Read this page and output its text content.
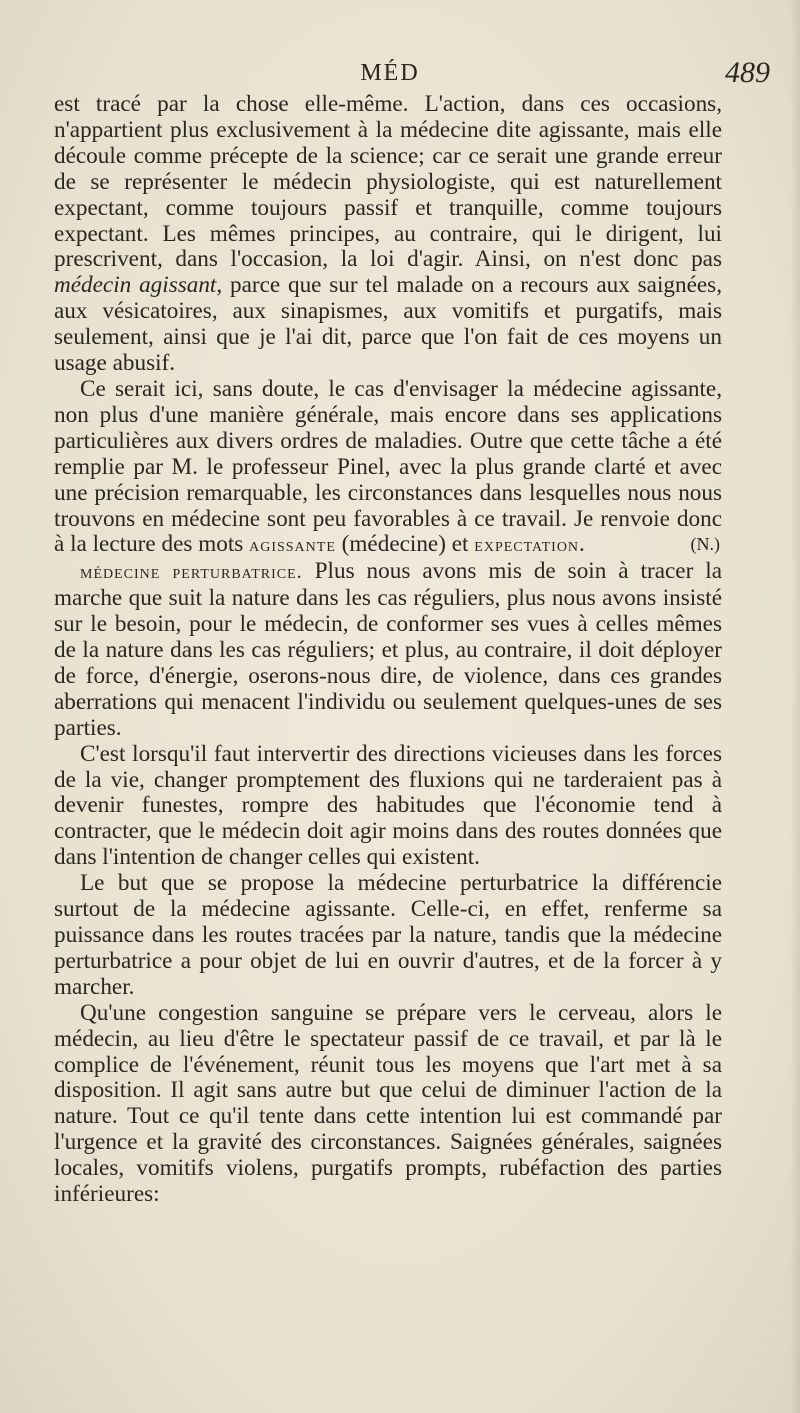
MÉD	489

est tracé par la chose elle-même. L'action, dans ces occasions, n'appartient plus exclusivement à la médecine dite agissante, mais elle découle comme précepte de la science; car ce serait une grande erreur de se représenter le médecin physiologiste, qui est naturellement expectant, comme toujours passif et tranquille, comme toujours expectant. Les mêmes principes, au contraire, qui le dirigent, lui prescrivent, dans l'occasion, la loi d'agir. Ainsi, on n'est donc pas médecin agissant, parce que sur tel malade on a recours aux saignées, aux vésicatoires, aux sinapismes, aux vomitifs et purgatifs, mais seulement, ainsi que je l'ai dit, parce que l'on fait de ces moyens un usage abusif.

Ce serait ici, sans doute, le cas d'envisager la médecine agissante, non plus d'une manière générale, mais encore dans ses applications particulières aux divers ordres de maladies. Outre que cette tâche a été remplie par M. le professeur Pinel, avec la plus grande clarté et avec une précision remarquable, les circonstances dans lesquelles nous nous trouvons en médecine sont peu favorables à ce travail. Je renvoie donc à la lecture des mots agissante (médecine) et expectation.	(N.)

médecine perturbatrice. Plus nous avons mis de soin à tracer la marche que suit la nature dans les cas réguliers, plus nous avons insisté sur le besoin, pour le médecin, de conformer ses vues à celles mêmes de la nature dans les cas réguliers; et plus, au contraire, il doit déployer de force, d'énergie, oserons-nous dire, de violence, dans ces grandes aberrations qui menacent l'individu ou seulement quelques-unes de ses parties.

C'est lorsqu'il faut intervertir des directions vicieuses dans les forces de la vie, changer promptement des fluxions qui ne tarderaient pas à devenir funestes, rompre des habitudes que l'économie tend à contracter, que le médecin doit agir moins dans des routes données que dans l'intention de changer celles qui existent.

Le but que se propose la médecine perturbatrice la différencie surtout de la médecine agissante. Celle-ci, en effet, renferme sa puissance dans les routes tracées par la nature, tandis que la médecine perturbatrice a pour objet de lui en ouvrir d'autres, et de la forcer à y marcher.

Qu'une congestion sanguine se prépare vers le cerveau, alors le médecin, au lieu d'être le spectateur passif de ce travail, et par là le complice de l'événement, réunit tous les moyens que l'art met à sa disposition. Il agit sans autre but que celui de diminuer l'action de la nature. Tout ce qu'il tente dans cette intention lui est commandé par l'urgence et la gravité des circonstances. Saignées générales, saignées locales, vomitifs violens, purgatifs prompts, rubéfaction des parties inférieures:
